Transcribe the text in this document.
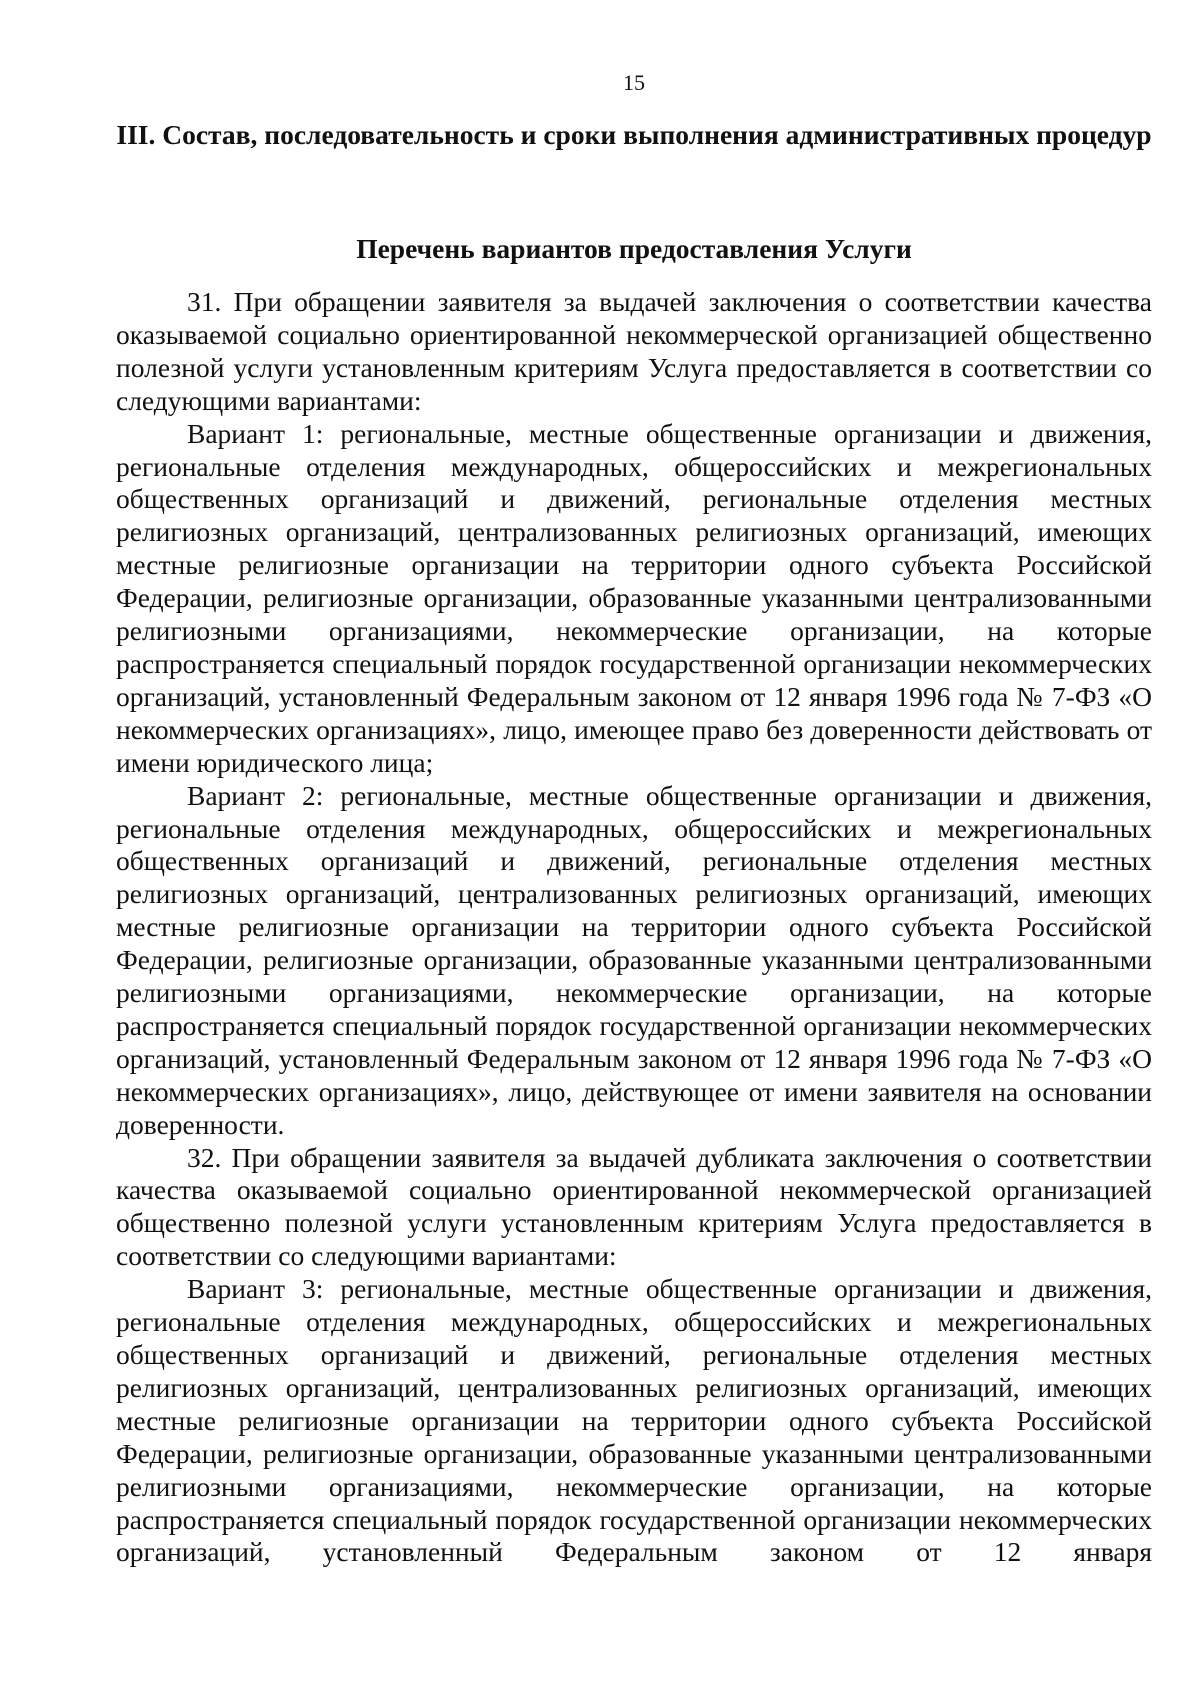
15
III. Состав, последовательность и сроки выполнения административных процедур
Перечень вариантов предоставления Услуги

31. При обращении заявителя за выдачей заключения о соответствии качества оказываемой социально ориентированной некоммерческой организацией общественно полезной услуги установленным критериям Услуга предоставляется в соответствии со следующими вариантами:

Вариант 1: региональные, местные общественные организации и движения, региональные отделения международных, общероссийских и межрегиональных общественных организаций и движений, региональные отделения местных религиозных организаций, централизованных религиозных организаций, имеющих местные религиозные организации на территории одного субъекта Российской Федерации, религиозные организации, образованные указанными централизованными религиозными организациями, некоммерческие организации, на которые распространяется специальный порядок государственной организации некоммерческих организаций, установленный Федеральным законом от 12 января 1996 года № 7-ФЗ «О некоммерческих организациях», лицо, имеющее право без доверенности действовать от имени юридического лица;

Вариант 2: региональные, местные общественные организации и движения, региональные отделения международных, общероссийских и межрегиональных общественных организаций и движений, региональные отделения местных религиозных организаций, централизованных религиозных организаций, имеющих местные религиозные организации на территории одного субъекта Российской Федерации, религиозные организации, образованные указанными централизованными религиозными организациями, некоммерческие организации, на которые распространяется специальный порядок государственной организации некоммерческих организаций, установленный Федеральным законом от 12 января 1996 года № 7-ФЗ «О некоммерческих организациях», лицо, действующее от имени заявителя на основании доверенности.

32. При обращении заявителя за выдачей дубликата заключения о соответствии качества оказываемой социально ориентированной некоммерческой организацией общественно полезной услуги установленным критериям Услуга предоставляется в соответствии со следующими вариантами:

Вариант 3: региональные, местные общественные организации и движения, региональные отделения международных, общероссийских и межрегиональных общественных организаций и движений, региональные отделения местных религиозных организаций, централизованных религиозных организаций, имеющих местные религиозные организации на территории одного субъекта Российской Федерации, религиозные организации, образованные указанными централизованными религиозными организациями, некоммерческие организации, на которые распространяется специальный порядок государственной организации некоммерческих организаций, установленный Федеральным законом от 12 января
